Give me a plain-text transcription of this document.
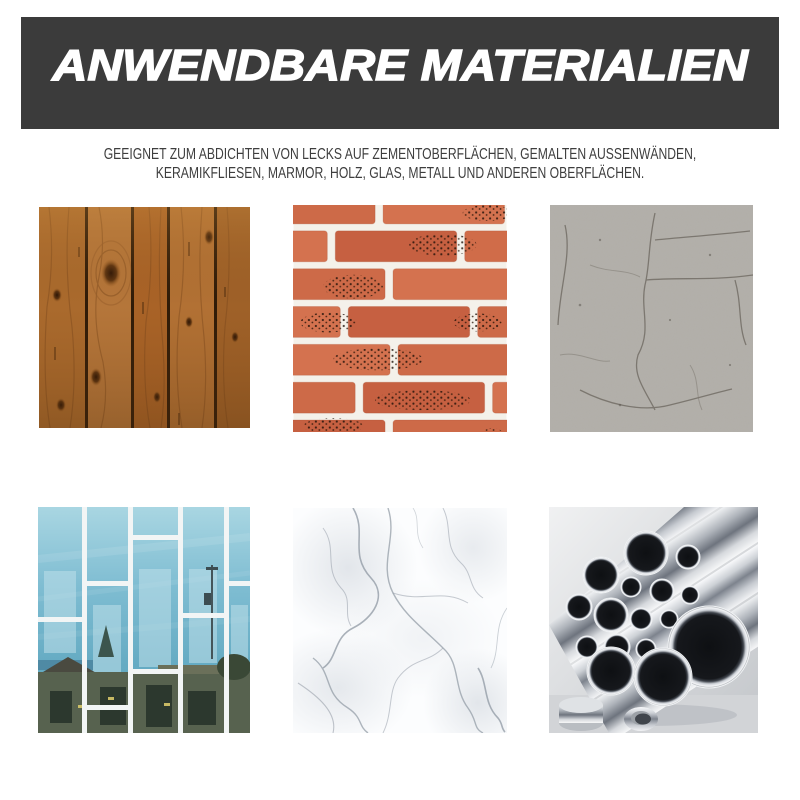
ANWENDBARE MATERIALIEN

GEEIGNET ZUM ABDICHTEN VON LECKS AUF ZEMENTOBERFLÄCHEN, GEMALTEN AUSSENWÄNDEN,
KERAMIKFLIESEN, MARMOR, HOLZ, GLAS, METALL UND ANDEREN OBERFLÄCHEN.
